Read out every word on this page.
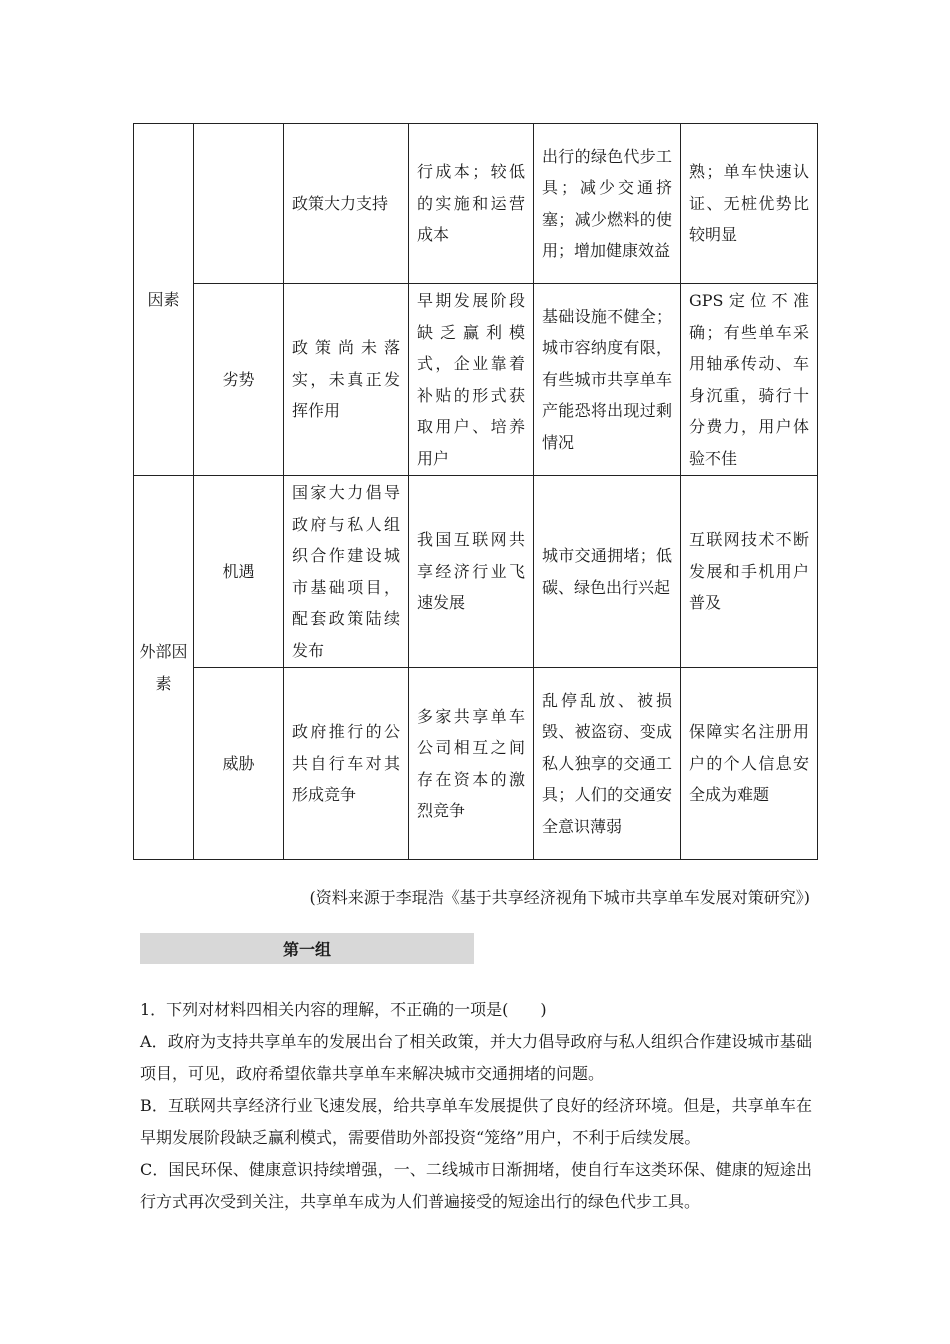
因素		政策大力支持	行成本；较低的实施和运营成本	出行的绿色代步工具；减少交通挤塞；减少燃料的使用；增加健康效益	熟；单车快速认证、无桩优势比较明显
	劣势	政策尚未落实，未真正发挥作用	早期发展阶段缺乏赢利模式，企业靠着补贴的形式获取用户、培养用户	基础设施不健全；城市容纳度有限，有些城市共享单车产能恐将出现过剩情况	GPS定位不准确；有些单车采用轴承传动、车身沉重，骑行十分费力，用户体验不佳
外部因素	机遇	国家大力倡导政府与私人组织合作建设城市基础项目，配套政策陆续发布	我国互联网共享经济行业飞速发展	城市交通拥堵；低碳、绿色出行兴起	互联网技术不断发展和手机用户普及
	威胁	政府推行的公共自行车对其形成竞争	多家共享单车公司相互之间存在资本的激烈竞争	乱停乱放、被损毁、被盗窃、变成私人独享的交通工具；人们的交通安全意识薄弱	保障实名注册用户的个人信息安全成为难题
(资料来源于李琨浩《基于共享经济视角下城市共享单车发展对策研究》)
第一组

1．下列对材料四相关内容的理解，不正确的一项是(　　)

A．政府为支持共享单车的发展出台了相关政策，并大力倡导政府与私人组织合作建设城市基础项目，可见，政府希望依靠共享单车来解决城市交通拥堵的问题。

B．互联网共享经济行业飞速发展，给共享单车发展提供了良好的经济环境。但是，共享单车在早期发展阶段缺乏赢利模式，需要借助外部投资“笼络”用户，不利于后续发展。

C．国民环保、健康意识持续增强，一、二线城市日渐拥堵，使自行车这类环保、健康的短途出行方式再次受到关注，共享单车成为人们普遍接受的短途出行的绿色代步工具。
